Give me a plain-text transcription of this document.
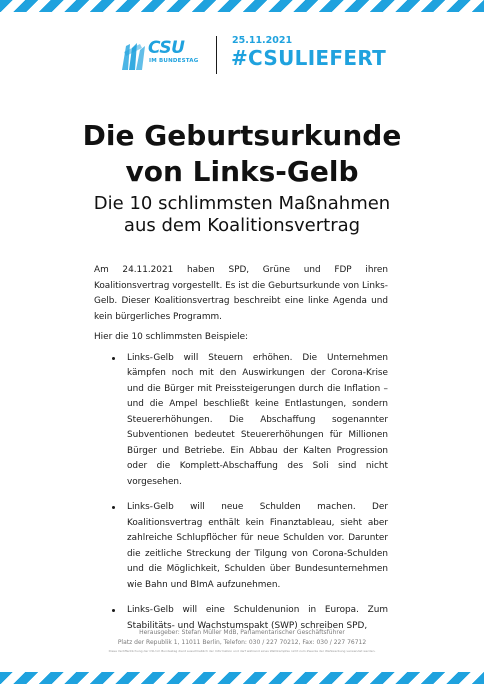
CSU
IM BUNDESTAG
25.11.2021
#CSULIEFERT
Die Geburtsurkunde
von Links-Gelb
Die 10 schlimmsten Maßnahmen
aus dem Koalitionsvertrag

Am 24.11.2021 haben SPD, Grüne und FDP ihren Koalitionsvertrag vorgestellt. Es ist die Geburtsurkunde von Links-Gelb. Dieser Koalitionsvertrag beschreibt eine linke Agenda und kein bürgerliches Programm.

Hier die 10 schlimmsten Beispiele:

Links-Gelb will Steuern erhöhen. Die Unternehmen kämpfen noch mit den Auswirkungen der Corona-Krise und die Bürger mit Preissteigerungen durch die Inflation – und die Ampel beschließt keine Entlastungen, sondern Steuererhöhungen. Die Abschaffung sogenannter Subventionen bedeutet Steuererhöhungen für Millionen Bürger und Betriebe. Ein Abbau der Kalten Progression oder die Komplett-Abschaffung des Soli sind nicht vorgesehen.
Links-Gelb will neue Schulden machen. Der Koalitionsvertrag enthält kein Finanztableau, sieht aber zahlreiche Schlupflöcher für neue Schulden vor. Darunter die zeitliche Streckung der Tilgung von Corona-Schulden und die Möglichkeit, Schulden über Bundesunternehmen wie Bahn und BImA aufzunehmen.
Links-Gelb will eine Schuldenunion in Europa. Zum Stabilitäts- und Wachstumspakt (SWP) schreiben SPD,
Herausgeber: Stefan Müller MdB, Parlamentarischer Geschäftsführer
Platz der Republik 1, 11011 Berlin, Telefon: 030 / 227 70212, Fax: 030 / 227 76712
Diese Veröffentlichung der CSU im Bundestag dient ausschließlich der Information und darf während eines Wahlkampfes nicht zum Zwecke der Wahlwerbung verwendet werden.
